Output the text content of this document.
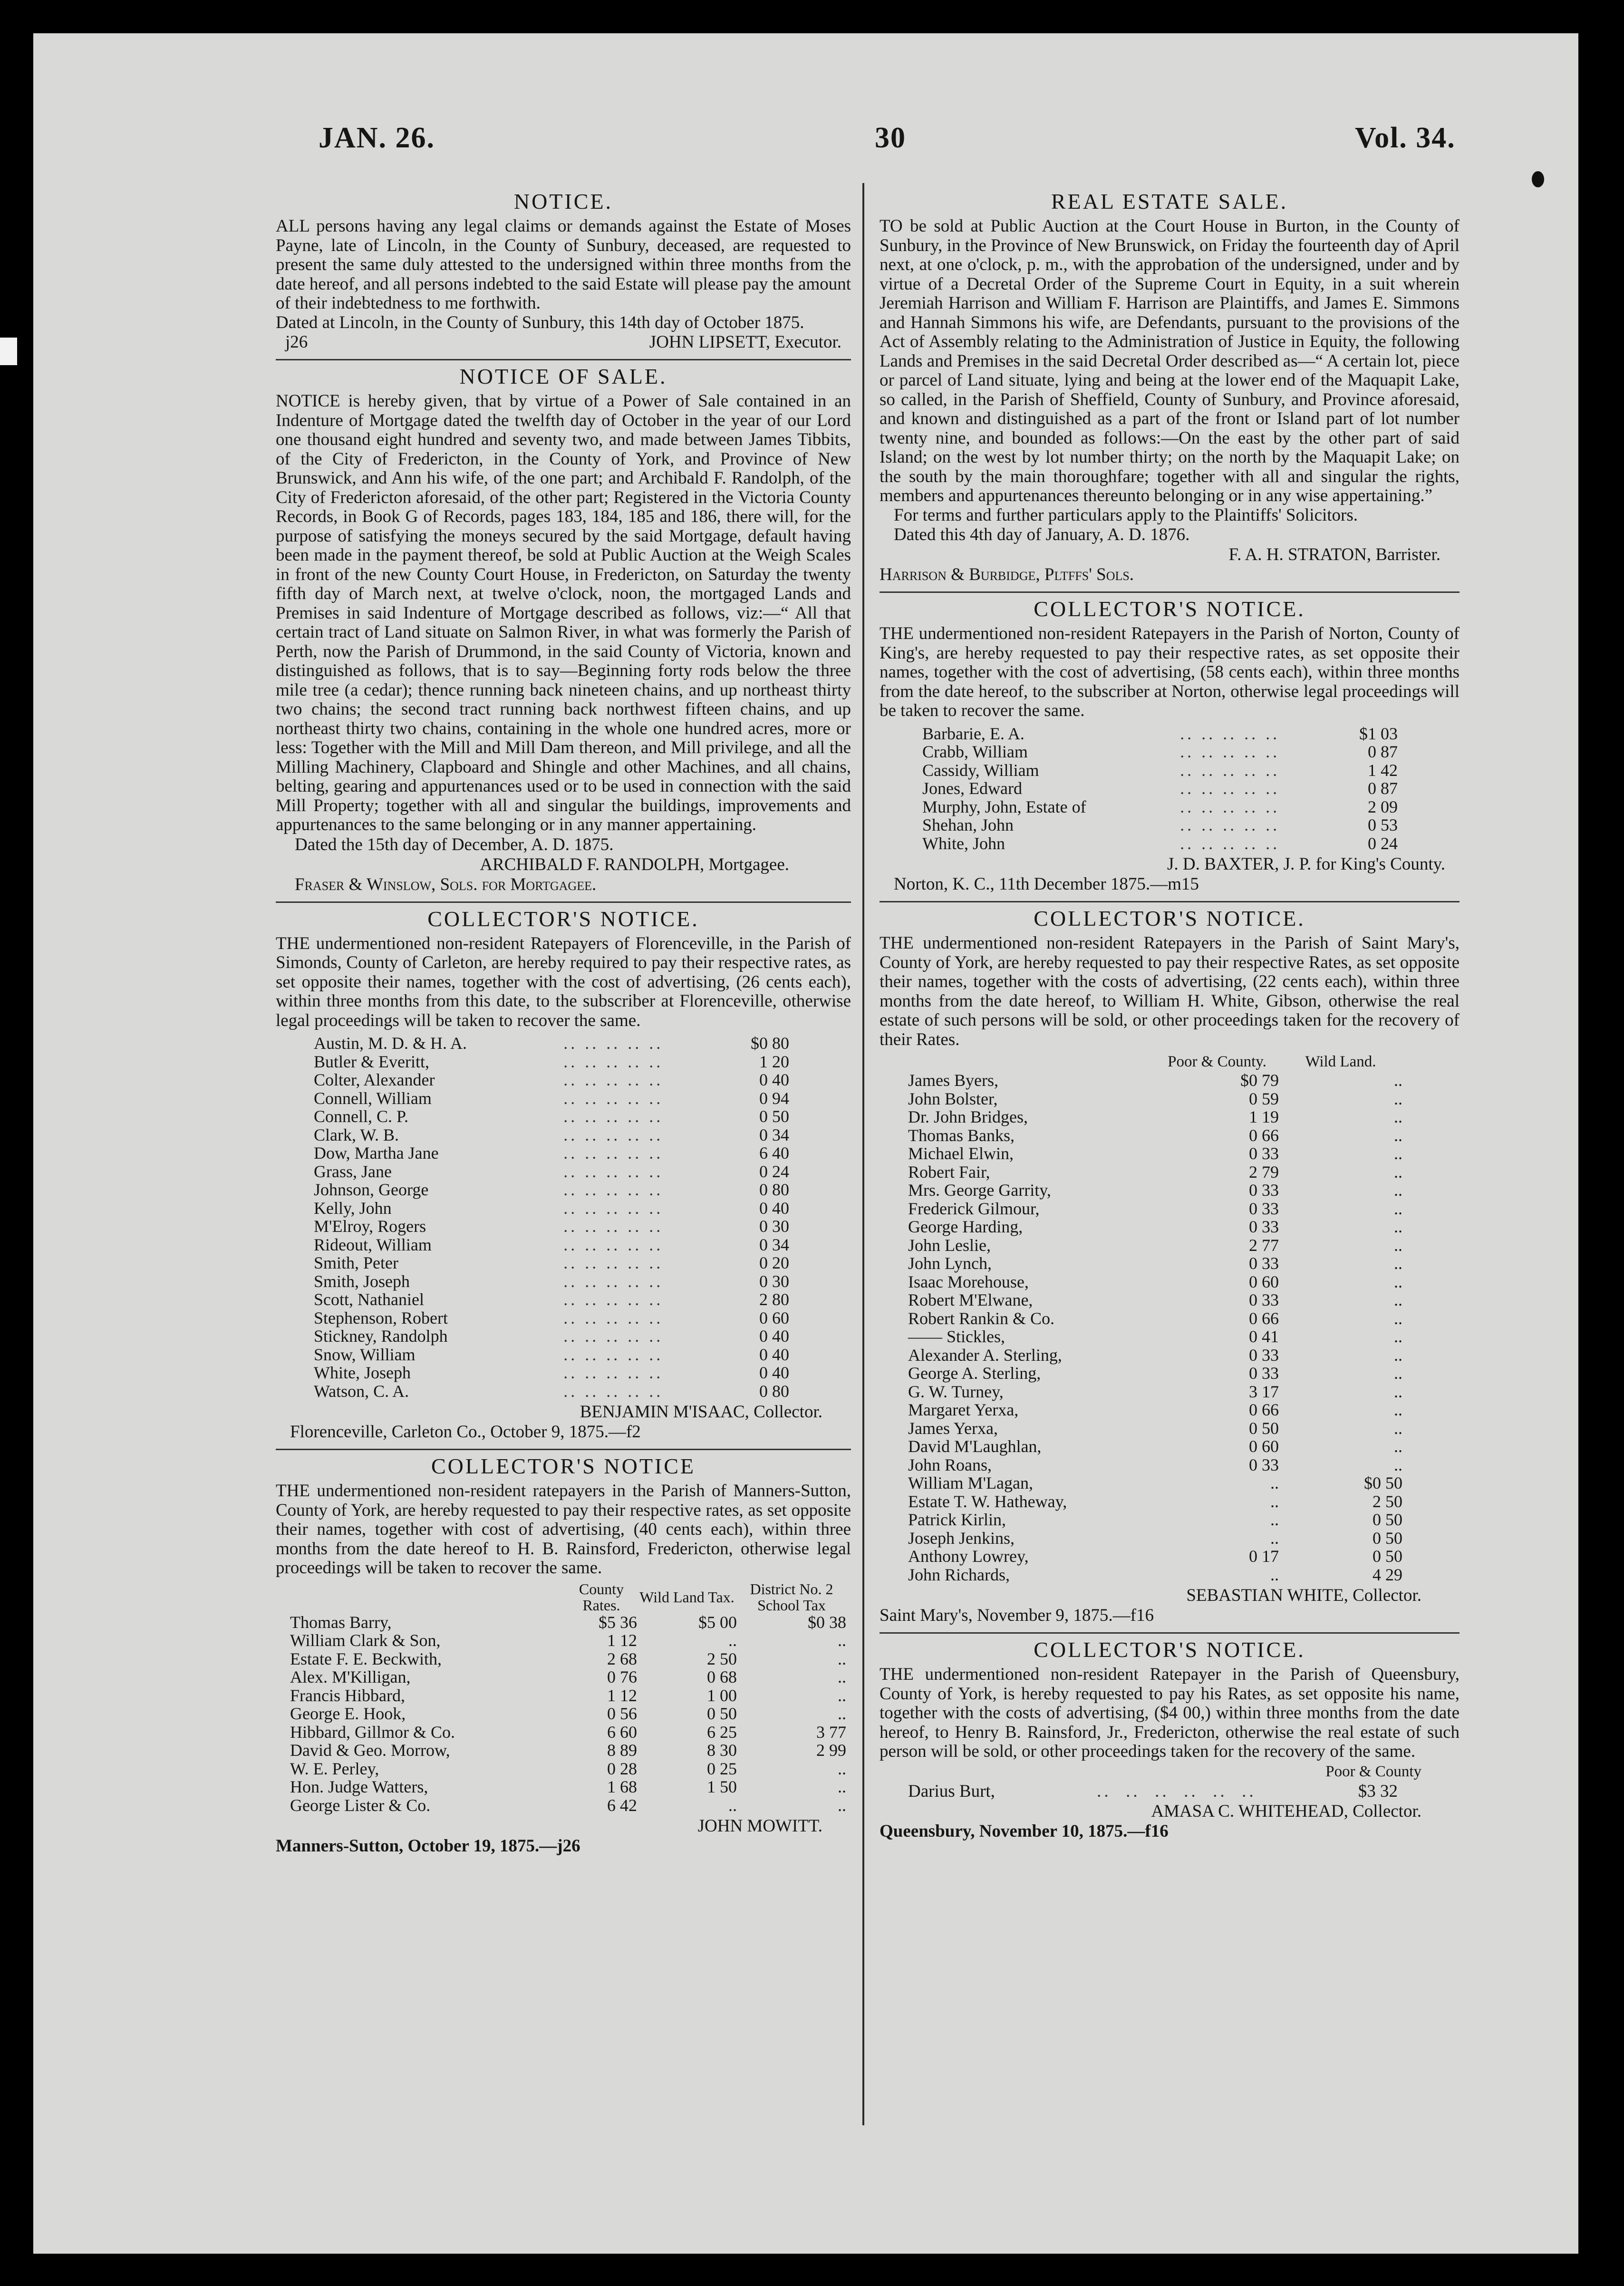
JAN. 26.	30	Vol. 34.
NOTICE.

ALL persons having any legal claims or demands against the Estate of Moses Payne, late of Lincoln, in the County of Sunbury, deceased, are requested to present the same duly attested to the undersigned within three months from the date hereof, and all persons indebted to the said Estate will please pay the amount of their indebtedness to me forthwith.

Dated at Lincoln, in the County of Sunbury, this 14th day of October 1875.

j26	JOHN LIPSETT, Executor.
NOTICE OF SALE.

NOTICE is hereby given, that by virtue of a Power of Sale contained in an Indenture of Mortgage dated the twelfth day of October in the year of our Lord one thousand eight hundred and seventy two, and made between James Tibbits, of the City of Fredericton, in the County of York, and Province of New Brunswick, and Ann his wife, of the one part; and Archibald F. Randolph, of the City of Fredericton aforesaid, of the other part; Registered in the Victoria County Records, in Book G of Records, pages 183, 184, 185 and 186, there will, for the purpose of satisfying the moneys secured by the said Mortgage, default having been made in the payment thereof, be sold at Public Auction at the Weigh Scales in front of the new County Court House, in Fredericton, on Saturday the twenty fifth day of March next, at twelve o'clock, noon, the mortgaged Lands and Premises in said Indenture of Mortgage described as follows, viz:—“ All that certain tract of Land situate on Salmon River, in what was formerly the Parish of Perth, now the Parish of Drummond, in the said County of Victoria, known and distinguished as follows, that is to say—Beginning forty rods below the three mile tree (a cedar); thence running back nineteen chains, and up northeast thirty two chains; the second tract running back northwest fifteen chains, and up northeast thirty two chains, containing in the whole one hundred acres, more or less: Together with the Mill and Mill Dam thereon, and Mill privilege, and all the Milling Machinery, Clapboard and Shingle and other Machines, and all chains, belting, gearing and appurtenances used or to be used in connection with the said Mill Property; together with all and singular the buildings, improvements and appurtenances to the same belonging or in any manner appertaining.

Dated the 15th day of December, A. D. 1875.
ARCHIBALD F. RANDOLPH, Mortgagee.
Fraser & Winslow, Sols. for Mortgagee.
COLLECTOR'S NOTICE.

THE undermentioned non-resident Ratepayers of Florenceville, in the Parish of Simonds, County of Carleton, are hereby required to pay their respective rates, as set opposite their names, together with the cost of advertising, (26 cents each), within three months from this date, to the subscriber at Florenceville, otherwise legal proceedings will be taken to recover the same.

Austin, M. D. & H. A.	.. .. .. .. ..	$0 80
Butler & Everitt,	.. .. .. .. ..	1 20
Colter, Alexander	.. .. .. .. ..	0 40
Connell, William	.. .. .. .. ..	0 94
Connell, C. P.	.. .. .. .. ..	0 50
Clark, W. B.	.. .. .. .. ..	0 34
Dow, Martha Jane	.. .. .. .. ..	6 40
Grass, Jane	.. .. .. .. ..	0 24
Johnson, George	.. .. .. .. ..	0 80
Kelly, John	.. .. .. .. ..	0 40
M'Elroy, Rogers	.. .. .. .. ..	0 30
Rideout, William	.. .. .. .. ..	0 34
Smith, Peter	.. .. .. .. ..	0 20
Smith, Joseph	.. .. .. .. ..	0 30
Scott, Nathaniel	.. .. .. .. ..	2 80
Stephenson, Robert	.. .. .. .. ..	0 60
Stickney, Randolph	.. .. .. .. ..	0 40
Snow, William	.. .. .. .. ..	0 40
White, Joseph	.. .. .. .. ..	0 40
Watson, C. A.	.. .. .. .. ..	0 80
BENJAMIN M'ISAAC, Collector.
Florenceville, Carleton Co., October 9, 1875.—f2
COLLECTOR'S NOTICE

THE undermentioned non-resident ratepayers in the Parish of Manners-Sutton, County of York, are hereby requested to pay their respective rates, as set opposite their names, together with cost of advertising, (40 cents each), within three months from the date hereof to H. B. Rainsford, Fredericton, otherwise legal proceedings will be taken to recover the same.

	County Rates.	Wild Land Tax.	District No. 2 School Tax
Thomas Barry,	$5 36	$5 00	$0 38
William Clark & Son,	1 12	..	..
Estate F. E. Beckwith,	2 68	2 50	..
Alex. M'Killigan,	0 76	0 68	..
Francis Hibbard,	1 12	1 00	..
George E. Hook,	0 56	0 50	..
Hibbard, Gillmor & Co.	6 60	6 25	3 77
David & Geo. Morrow,	8 89	8 30	2 99
W. E. Perley,	0 28	0 25	..
Hon. Judge Watters,	1 68	1 50	..
George Lister & Co.	6 42	..	..
JOHN MOWITT.
Manners-Sutton, October 19, 1875.—j26
REAL ESTATE SALE.

TO be sold at Public Auction at the Court House in Burton, in the County of Sunbury, in the Province of New Brunswick, on Friday the fourteenth day of April next, at one o'clock, p. m., with the approbation of the undersigned, under and by virtue of a Decretal Order of the Supreme Court in Equity, in a suit wherein Jeremiah Harrison and William F. Harrison are Plaintiffs, and James E. Simmons and Hannah Simmons his wife, are Defendants, pursuant to the provisions of the Act of Assembly relating to the Administration of Justice in Equity, the following Lands and Premises in the said Decretal Order described as—“ A certain lot, piece or parcel of Land situate, lying and being at the lower end of the Maquapit Lake, so called, in the Parish of Sheffield, County of Sunbury, and Province aforesaid, and known and distinguished as a part of the front or Island part of lot number twenty nine, and bounded as follows:—On the east by the other part of said Island; on the west by lot number thirty; on the north by the Maquapit Lake; on the south by the main thoroughfare; together with all and singular the rights, members and appurtenances thereunto belonging or in any wise appertaining.”

For terms and further particulars apply to the Plaintiffs' Solicitors.

Dated this 4th day of January, A. D. 1876.
F. A. H. STRATON, Barrister.
Harrison & Burbidge, Pltffs' Sols.
COLLECTOR'S NOTICE.

THE undermentioned non-resident Ratepayers in the Parish of Norton, County of King's, are hereby requested to pay their respective rates, as set opposite their names, together with the cost of advertising, (58 cents each), within three months from the date hereof, to the subscriber at Norton, otherwise legal proceedings will be taken to recover the same.

Barbarie, E. A.	.. .. .. .. ..	$1 03
Crabb, William	.. .. .. .. ..	0 87
Cassidy, William	.. .. .. .. ..	1 42
Jones, Edward	.. .. .. .. ..	0 87
Murphy, John, Estate of	.. .. .. .. ..	2 09
Shehan, John	.. .. .. .. ..	0 53
White, John	.. .. .. .. ..	0 24
J. D. BAXTER, J. P. for King's County.
Norton, K. C., 11th December 1875.—m15
COLLECTOR'S NOTICE.

THE undermentioned non-resident Ratepayers in the Parish of Saint Mary's, County of York, are hereby requested to pay their respective Rates, as set opposite their names, together with the costs of advertising, (22 cents each), within three months from the date hereof, to William H. White, Gibson, otherwise the real estate of such persons will be sold, or other proceedings taken for the recovery of their Rates.

	Poor & County.	Wild Land.
James Byers,	$0 79	..
John Bolster,	0 59	..
Dr. John Bridges,	1 19	..
Thomas Banks,	0 66	..
Michael Elwin,	0 33	..
Robert Fair,	2 79	..
Mrs. George Garrity,	0 33	..
Frederick Gilmour,	0 33	..
George Harding,	0 33	..
John Leslie,	2 77	..
John Lynch,	0 33	..
Isaac Morehouse,	0 60	..
Robert M'Elwane,	0 33	..
Robert Rankin & Co.	0 66	..
—— Stickles,	0 41	..
Alexander A. Sterling,	0 33	..
George A. Sterling,	0 33	..
G. W. Turney,	3 17	..
Margaret Yerxa,	0 66	..
James Yerxa,	0 50	..
David M'Laughlan,	0 60	..
John Roans,	0 33	..
William M'Lagan,	..	$0 50
Estate T. W. Hatheway,	..	2 50
Patrick Kirlin,	..	0 50
Joseph Jenkins,	..	0 50
Anthony Lowrey,	0 17	0 50
John Richards,	..	4 29
SEBASTIAN WHITE, Collector.
Saint Mary's, November 9, 1875.—f16
COLLECTOR'S NOTICE.

THE undermentioned non-resident Ratepayer in the Parish of Queensbury, County of York, is hereby requested to pay his Rates, as set opposite his name, together with the costs of advertising, ($4 00,) within three months from the date hereof, to Henry B. Rainsford, Jr., Fredericton, otherwise the real estate of such person will be sold, or other proceedings taken for the recovery of the same.

Poor & County
Darius Burt,	..  ..  ..  ..  ..  ..	$3 32
AMASA C. WHITEHEAD, Collector.
Queensbury, November 10, 1875.—f16
